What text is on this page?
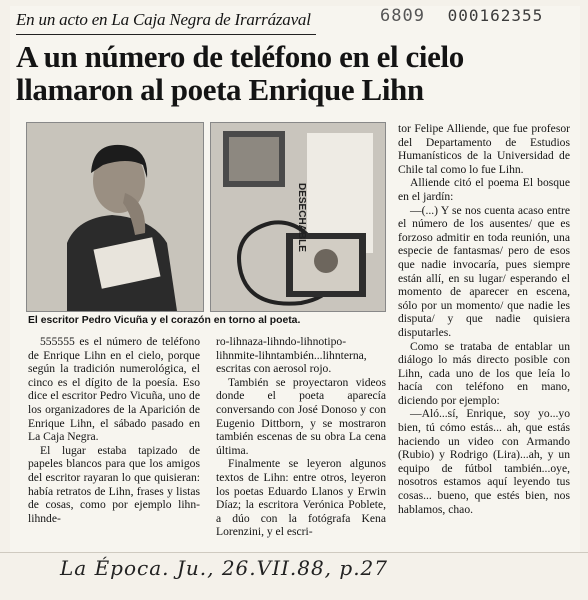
6809 000162355
En un acto en La Caja Negra de Irarrázaval
A un número de teléfono en el cielo llamaron al poeta Enrique Lihn
DESECHABLE
El escritor Pedro Vicuña y el corazón en torno al poeta.

555555 es el número de teléfono de Enrique Lihn en el cielo, porque según la tradición numerológica, el cinco es el dígito de la poesía. Eso dice el escritor Pedro Vicuña, uno de los organizadores de la Aparición de Enrique Lihn, el sábado pasado en La Caja Negra.

El lugar estaba tapizado de papeles blancos para que los amigos del escritor rayaran lo que quisieran: había retratos de Lihn, frases y listas de cosas, como por ejemplo lihn-lihnde-

ro-lihnaza-lihndo-lihnotipo-lihnmite-lihntambién...lihnterna, escritas con aerosol rojo.

También se proyectaron videos donde el poeta aparecía conversando con José Donoso y con Eugenio Dittborn, y se mostraron también escenas de su obra La cena última.

Finalmente se leyeron algunos textos de Lihn: entre otros, leyeron los poetas Eduardo Llanos y Erwin Díaz; la escritora Verónica Poblete, a dúo con la fotógrafa Kena Lorenzini, y el escri-

tor Felipe Alliende, que fue profesor del Departamento de Estudios Humanísticos de la Universidad de Chile tal como lo fue Lihn.

Alliende citó el poema El bosque en el jardín:

—(...) Y se nos cuenta acaso entre el número de los ausentes/ que es forzoso admitir en toda reunión, una especie de fantasmas/ pero de esos que nadie invocaría, pues siempre están allí, en su lugar/ esperando el momento de aparecer en escena, sólo por un momento/ que nadie les disputa/ y que nadie quisiera disputarles.

Como se trataba de entablar un diálogo lo más directo posible con Lihn, cada uno de los que leía lo hacía con teléfono en mano, diciendo por ejemplo:

—Aló...sí, Enrique, soy yo...yo bien, tú cómo estás... ah, que estás haciendo un video con Armando (Rubio) y Rodrigo (Lira)...ah, y un equipo de fútbol también...oye, nosotros estamos aquí leyendo tus cosas... bueno, que estés bien, nos hablamos, chao.

La Época. Ju., 26.VII.88, p.27
